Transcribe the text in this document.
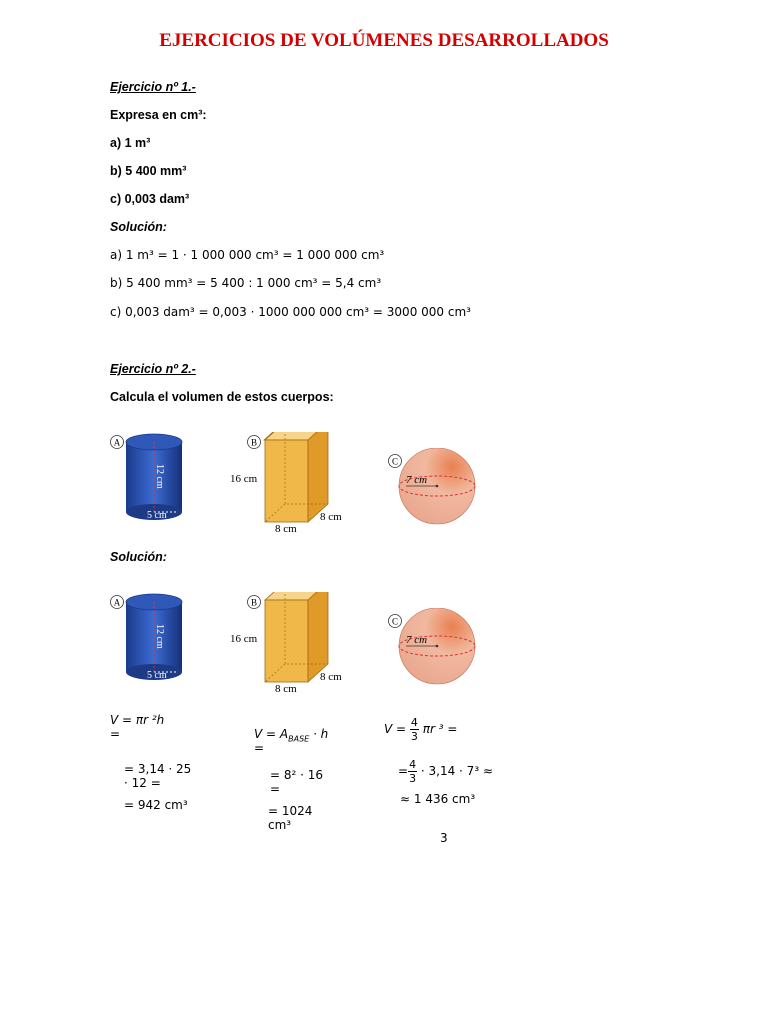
EJERCICIOS DE VOLÚMENES DESARROLLADOS
Ejercicio nº 1.-
Expresa en cm³:
a) 1 m³
b) 5 400 mm³
c) 0,003 dam³
Solución:
a) 1 m³ = 1 · 1 000 000 cm³ = 1 000 000 cm³
b) 5 400 mm³ = 5 400 : 1 000 cm³ = 5,4 cm³
c) 0,003 dam³ = 0,003 · 1000 000 000 cm³ = 3000 000 cm³
Ejercicio nº 2.-
Calcula el volumen de estos cuerpos:
A
12 cm
5 cm
B
16 cm
8 cm
8 cm
C
7 cm
Solución:
A
12 cm
5 cm
B
16 cm
8 cm
8 cm
C
7 cm
V = πr ²h
=
= 3,14 · 25
· 12 =
= 942 cm³
$V = A_{BASE} \cdot h$
=
= 8² · 16
=
= 1024
cm³
$V = \frac{4}{3}$ πr ³ =
= $\frac{4}{3} \cdot 3,14 \cdot 7^3$ ≈
≈ 1 436 cm³
3
